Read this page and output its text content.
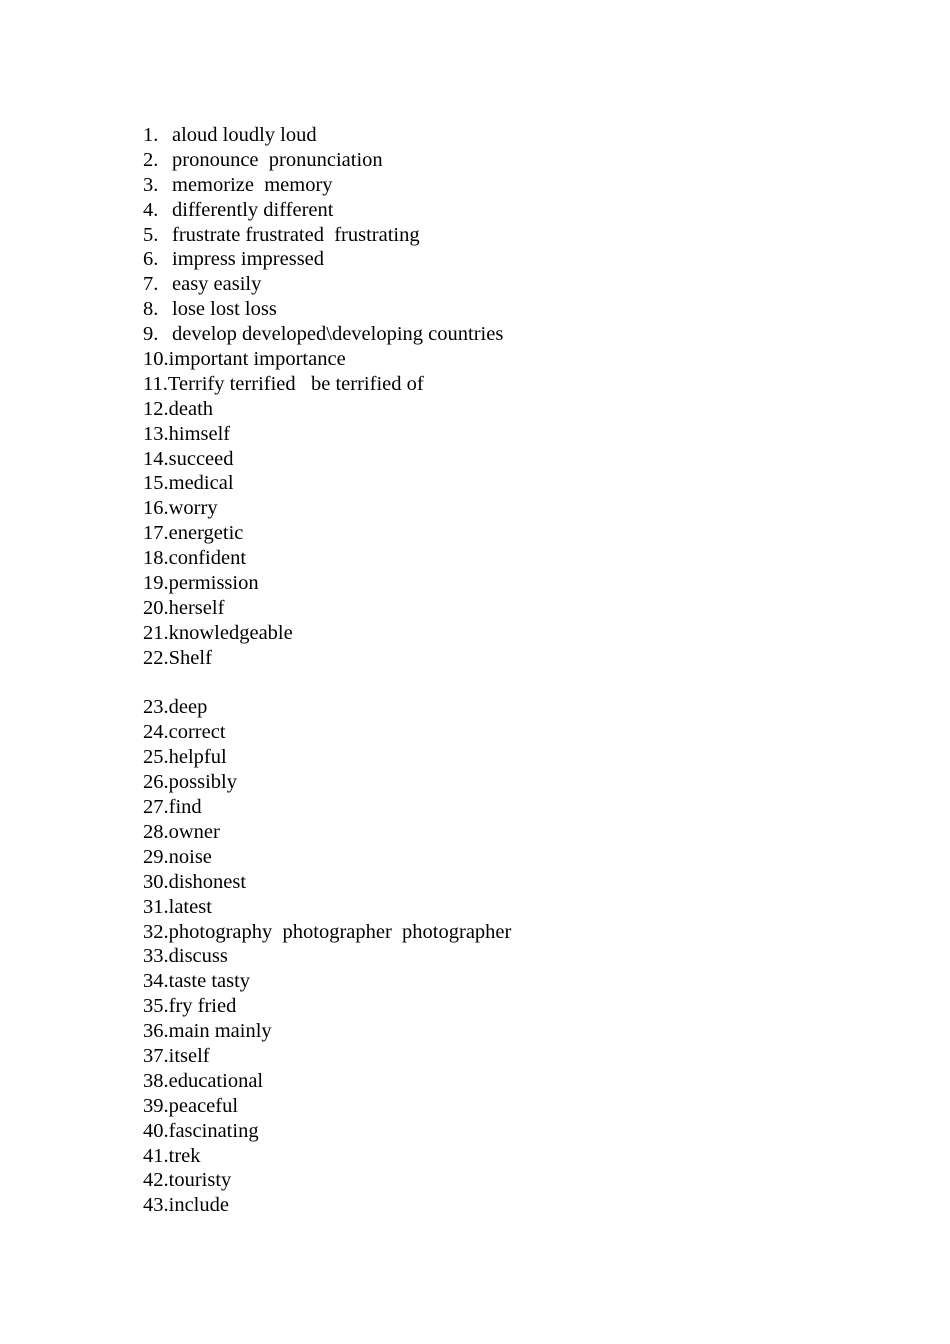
1. aloud loudly loud
2. pronounce  pronunciation
3. memorize  memory
4. differently different
5. frustrate frustrated  frustrating
6. impress impressed
7. easy easily
8. lose lost loss
9. develop developed\developing countries
10.important importance
11.Terrify terrified   be terrified of
12.death
13.himself
14.succeed
15.medical
16.worry
17.energetic
18.confident
19.permission
20.herself
21.knowledgeable
22.Shelf
23.deep
24.correct
25.helpful
26.possibly
27.find
28.owner
29.noise
30.dishonest
31.latest
32.photography  photographer  photographer
33.discuss
34.taste tasty
35.fry fried
36.main mainly
37.itself
38.educational
39.peaceful
40.fascinating
41.trek
42.touristy
43.include
